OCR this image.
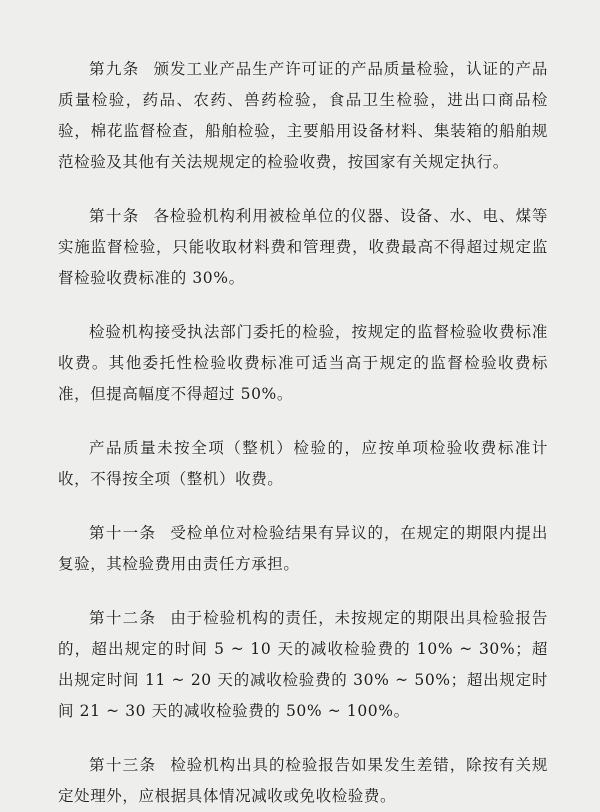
第九条 颁发工业产品生产许可证的产品质量检验，认证的产品质量检验，药品、农药、兽药检验，食品卫生检验，进出口商品检验，棉花监督检查，船舶检验，主要船用设备材料、集装箱的船舶规范检验及其他有关法规规定的检验收费，按国家有关规定执行。

第十条 各检验机构利用被检单位的仪器、设备、水、电、煤等实施监督检验，只能收取材料费和管理费，收费最高不得超过规定监督检验收费标准的 30%。

检验机构接受执法部门委托的检验，按规定的监督检验收费标准收费。其他委托性检验收费标准可适当高于规定的监督检验收费标准，但提高幅度不得超过 50%。

产品质量未按全项（整机）检验的，应按单项检验收费标准计收，不得按全项（整机）收费。

第十一条 受检单位对检验结果有异议的，在规定的期限内提出复验，其检验费用由责任方承担。

第十二条 由于检验机构的责任，未按规定的期限出具检验报告的，超出规定的时间 5 ~ 10 天的减收检验费的 10% ~ 30%；超出规定时间 11 ~ 20 天的减收检验费的 30% ~ 50%；超出规定时间 21 ~ 30 天的减收检验费的 50% ~ 100%。

第十三条 检验机构出具的检验报告如果发生差错，除按有关规定处理外，应根据具体情况减收或免收检验费。
